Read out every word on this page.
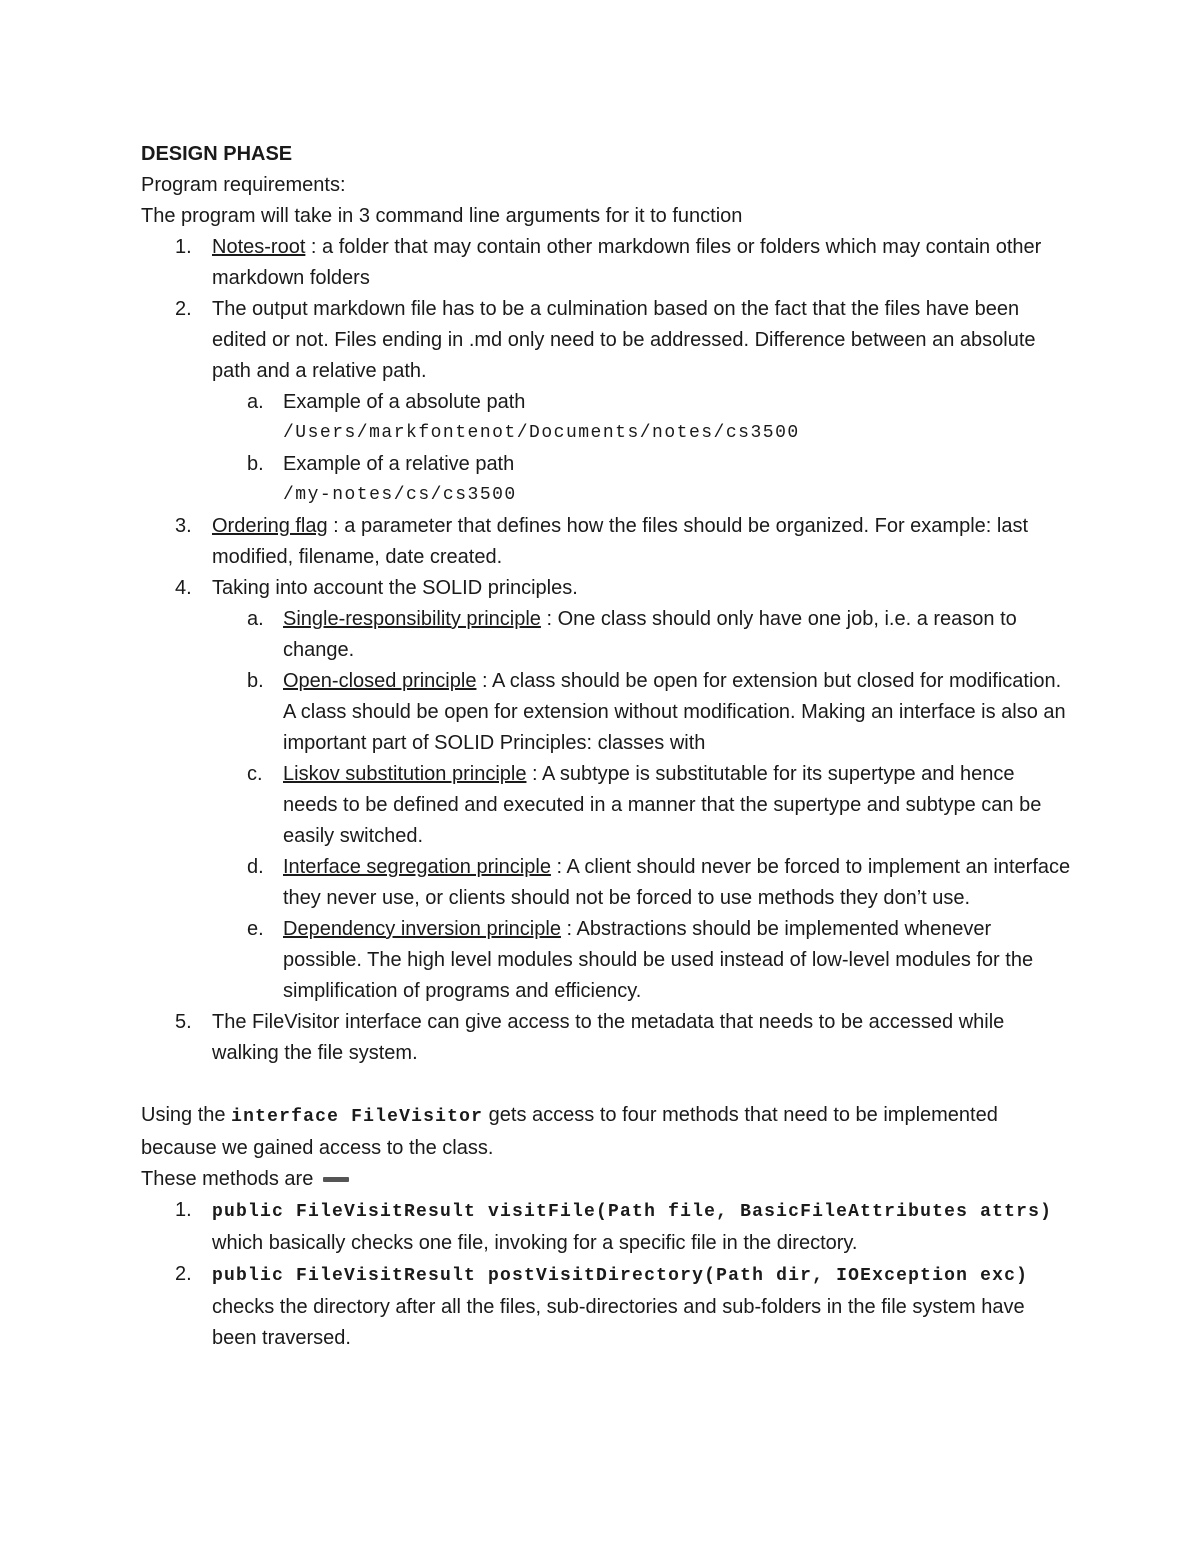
DESIGN PHASE
Program requirements:
The program will take in 3 command line arguments for it to function
1. Notes-root : a folder that may contain other markdown files or folders which may contain other markdown folders
2. The output markdown file has to be a culmination based on the fact that the files have been edited or not. Files ending in .md only need to be addressed. Difference between an absolute path and a relative path.
a. Example of a absolute path
/Users/markfontenot/Documents/notes/cs3500
b. Example of a relative path
/my-notes/cs/cs3500
3. Ordering flag : a parameter that defines how the files should be organized. For example: last modified, filename, date created.
4. Taking into account the SOLID principles.
a. Single-responsibility principle : One class should only have one job, i.e. a reason to change.
b. Open-closed principle : A class should be open for extension but closed for modification. A class should be open for extension without modification. Making an interface is also an important part of SOLID Principles: classes with
c. Liskov substitution principle : A subtype is substitutable for its supertype and hence needs to be defined and executed in a manner that the supertype and subtype can be easily switched.
d. Interface segregation principle : A client should never be forced to implement an interface they never use, or clients should not be forced to use methods they don’t use.
e. Dependency inversion principle : Abstractions should be implemented whenever possible. The high level modules should be used instead of low-level modules for the simplification of programs and efficiency.
5. The FileVisitor interface can give access to the metadata that needs to be accessed while walking the file system.
Using the interface FileVisitor gets access to four methods that need to be implemented because we gained access to the class.
These methods are
1. public FileVisitResult visitFile(Path file, BasicFileAttributes attrs) which basically checks one file, invoking for a specific file in the directory.
2. public FileVisitResult postVisitDirectory(Path dir, IOException exc) checks the directory after all the files, sub-directories and sub-folders in the file system have been traversed.
